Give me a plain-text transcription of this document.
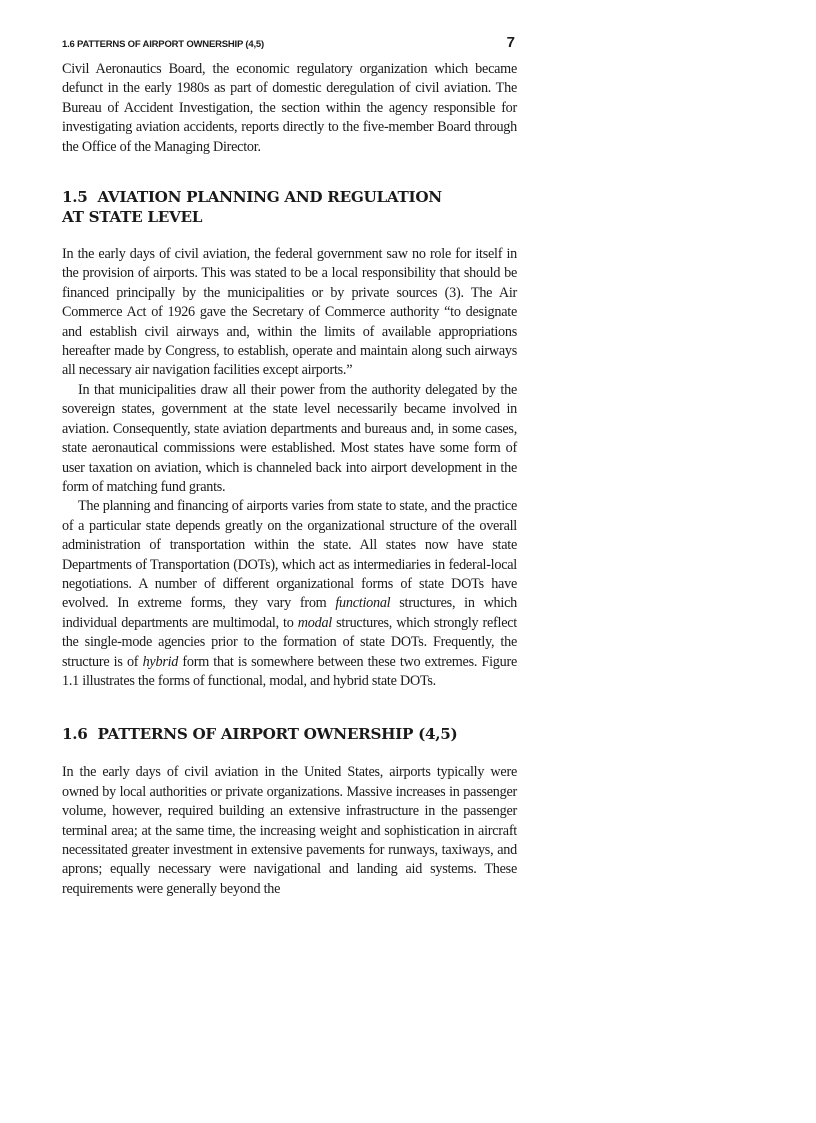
1.6 PATTERNS OF AIRPORT OWNERSHIP (4,5)	7

Civil Aeronautics Board, the economic regulatory organization which became defunct in the early 1980s as part of domestic deregulation of civil aviation. The Bureau of Accident Investigation, the section within the agency responsible for investigating aviation accidents, reports directly to the five-member Board through the Office of the Managing Director.

1.5 AVIATION PLANNING AND REGULATION AT STATE LEVEL

In the early days of civil aviation, the federal government saw no role for itself in the provision of airports. This was stated to be a local responsibility that should be financed principally by the municipalities or by private sources (3). The Air Commerce Act of 1926 gave the Secretary of Commerce authority “to designate and establish civil airways and, within the limits of available appropriations hereafter made by Congress, to establish, operate and maintain along such airways all necessary air navigation facilities except airports.”

In that municipalities draw all their power from the authority delegated by the sovereign states, government at the state level necessarily became involved in aviation. Consequently, state aviation departments and bureaus and, in some cases, state aeronautical commissions were established. Most states have some form of user taxation on aviation, which is channeled back into airport development in the form of matching fund grants.

The planning and financing of airports varies from state to state, and the practice of a particular state depends greatly on the organizational structure of the overall administration of transportation within the state. All states now have state Departments of Transportation (DOTs), which act as intermediaries in federal-local negotiations. A number of different organizational forms of state DOTs have evolved. In extreme forms, they vary from functional structures, in which individual departments are multimodal, to modal structures, which strongly reflect the single-mode agencies prior to the formation of state DOTs. Frequently, the structure is of hybrid form that is somewhere between these two extremes. Figure 1.1 illustrates the forms of functional, modal, and hybrid state DOTs.

1.6 PATTERNS OF AIRPORT OWNERSHIP (4,5)

In the early days of civil aviation in the United States, airports typically were owned by local authorities or private organizations. Massive increases in passenger volume, however, required building an extensive infrastructure in the passenger terminal area; at the same time, the increasing weight and sophistication in aircraft necessitated greater investment in extensive pavements for runways, taxiways, and aprons; equally necessary were navigational and landing aid systems. These requirements were generally beyond the
